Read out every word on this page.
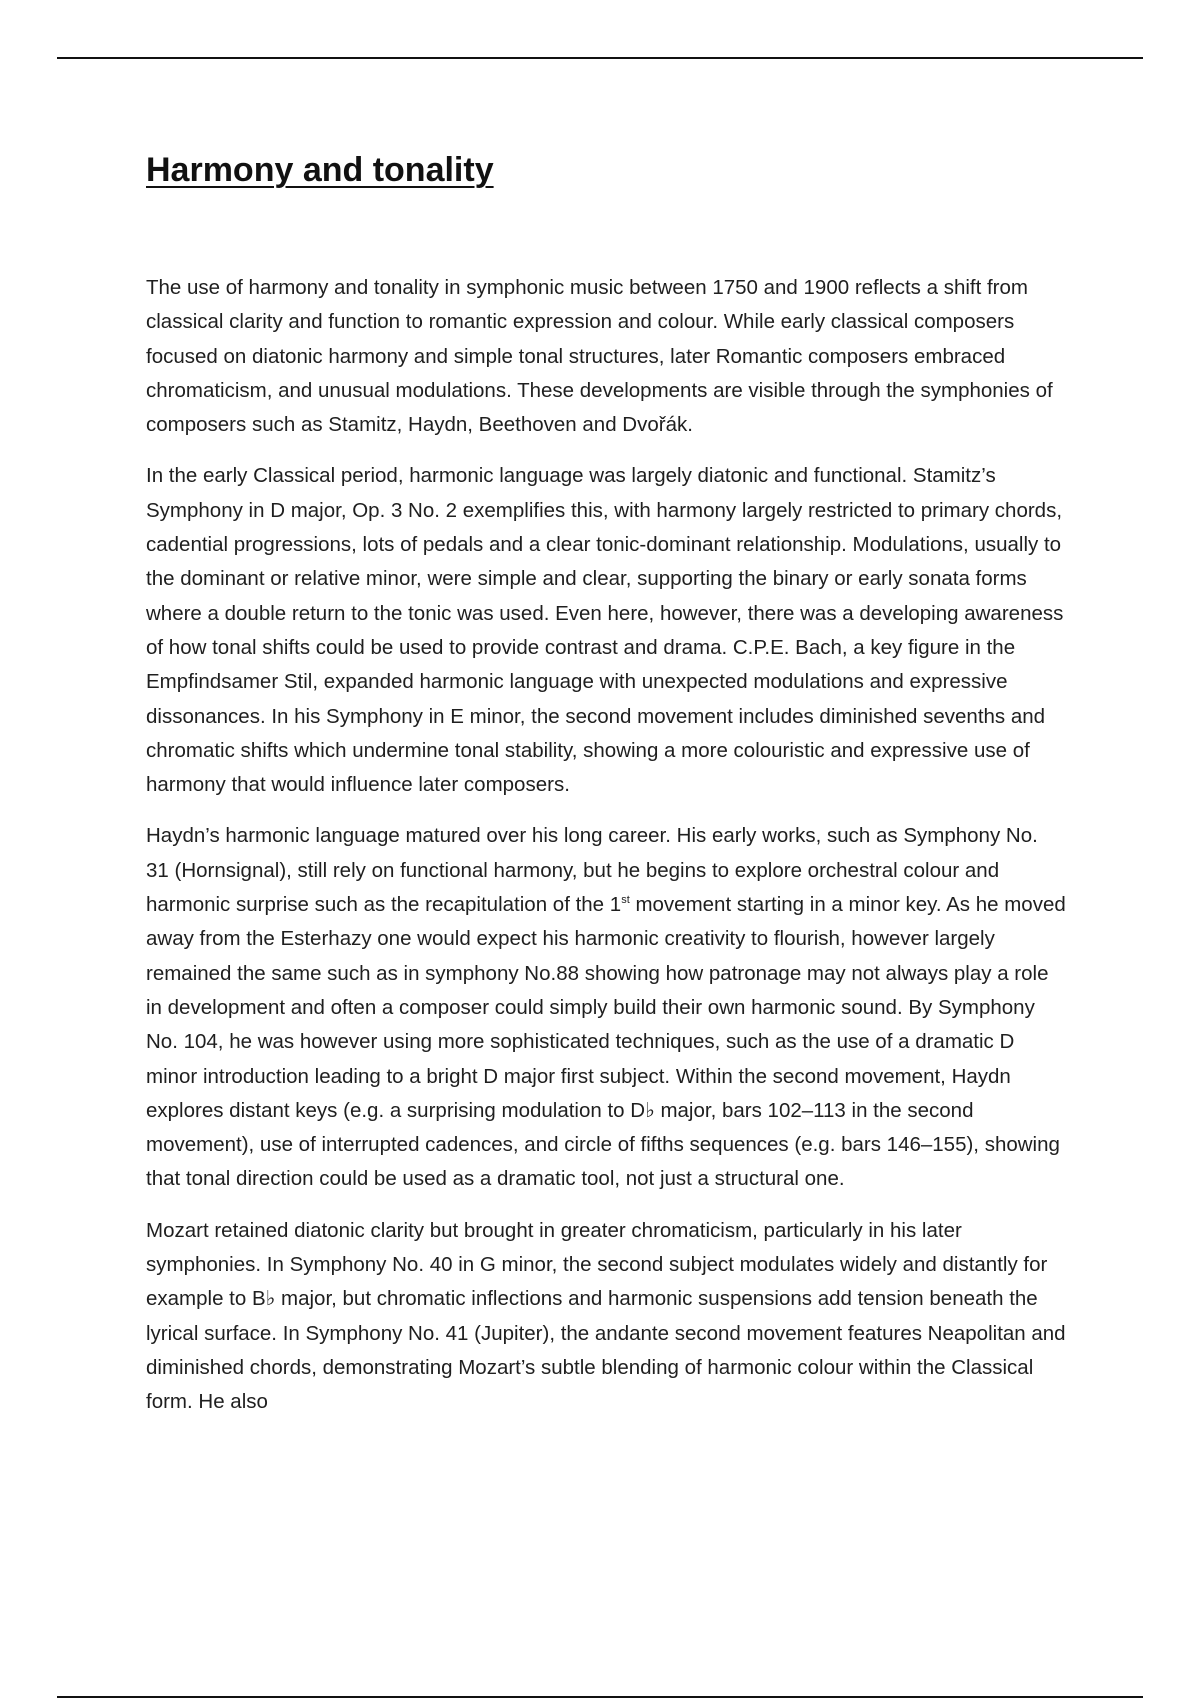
Harmony and tonality

The use of harmony and tonality in symphonic music between 1750 and 1900 reflects a shift from classical clarity and function to romantic expression and colour. While early classical composers focused on diatonic harmony and simple tonal structures, later Romantic composers embraced chromaticism, and unusual modulations. These developments are visible through the symphonies of composers such as Stamitz, Haydn, Beethoven and Dvořák.

In the early Classical period, harmonic language was largely diatonic and functional. Stamitz’s Symphony in D major, Op. 3 No. 2 exemplifies this, with harmony largely restricted to primary chords, cadential progressions, lots of pedals and a clear tonic-dominant relationship. Modulations, usually to the dominant or relative minor, were simple and clear, supporting the binary or early sonata forms where a double return to the tonic was used. Even here, however, there was a developing awareness of how tonal shifts could be used to provide contrast and drama. C.P.E. Bach, a key figure in the Empfindsamer Stil, expanded harmonic language with unexpected modulations and expressive dissonances. In his Symphony in E minor, the second movement includes diminished sevenths and chromatic shifts which undermine tonal stability, showing a more colouristic and expressive use of harmony that would influence later composers.

Haydn’s harmonic language matured over his long career. His early works, such as Symphony No. 31 (Hornsignal), still rely on functional harmony, but he begins to explore orchestral colour and harmonic surprise such as the recapitulation of the 1st movement starting in a minor key. As he moved away from the Esterhazy one would expect his harmonic creativity to flourish, however largely remained the same such as in symphony No.88 showing how patronage may not always play a role in development and often a composer could simply build their own harmonic sound. By Symphony No. 104, he was however using more sophisticated techniques, such as the use of a dramatic D minor introduction leading to a bright D major first subject. Within the second movement, Haydn explores distant keys (e.g. a surprising modulation to D♭ major, bars 102–113 in the second movement), use of interrupted cadences, and circle of fifths sequences (e.g. bars 146–155), showing that tonal direction could be used as a dramatic tool, not just a structural one.

Mozart retained diatonic clarity but brought in greater chromaticism, particularly in his later symphonies. In Symphony No. 40 in G minor, the second subject modulates widely and distantly for example to B♭ major, but chromatic inflections and harmonic suspensions add tension beneath the lyrical surface. In Symphony No. 41 (Jupiter), the andante second movement features Neapolitan and diminished chords, demonstrating Mozart’s subtle blending of harmonic colour within the Classical form. He also
